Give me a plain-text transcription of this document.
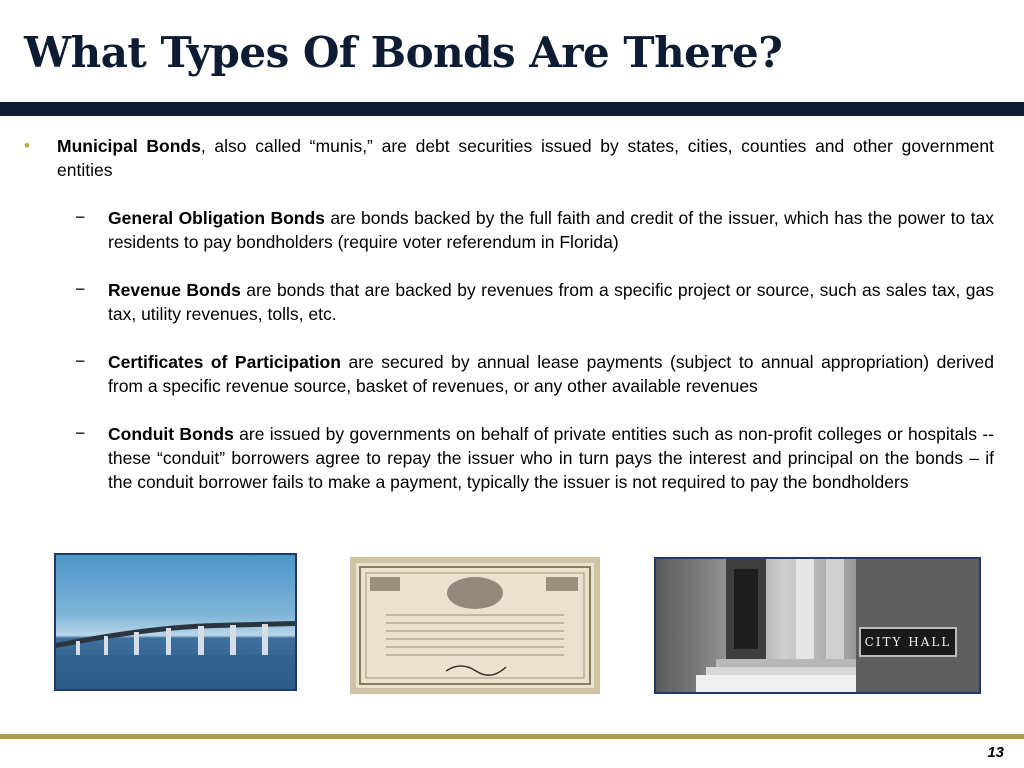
What Types Of Bonds Are There?
• Municipal Bonds, also called “munis,” are debt securities issued by states, cities, counties and other government entities
− General Obligation Bonds are bonds backed by the full faith and credit of the issuer, which has the power to tax residents to pay bondholders (require voter referendum in Florida)
− Revenue Bonds are bonds that are backed by revenues from a specific project or source, such as sales tax, gas tax, utility revenues, tolls, etc.
− Certificates of Participation are secured by annual lease payments (subject to annual appropriation) derived from a specific revenue source, basket of revenues, or any other available revenues
− Conduit Bonds are issued by governments on behalf of private entities such as non-profit colleges or hospitals -- these “conduit” borrowers agree to repay the issuer who in turn pays the interest and principal on the bonds – if the conduit borrower fails to make a payment, typically the issuer is not required to pay the bondholders
CITY HALL
13
